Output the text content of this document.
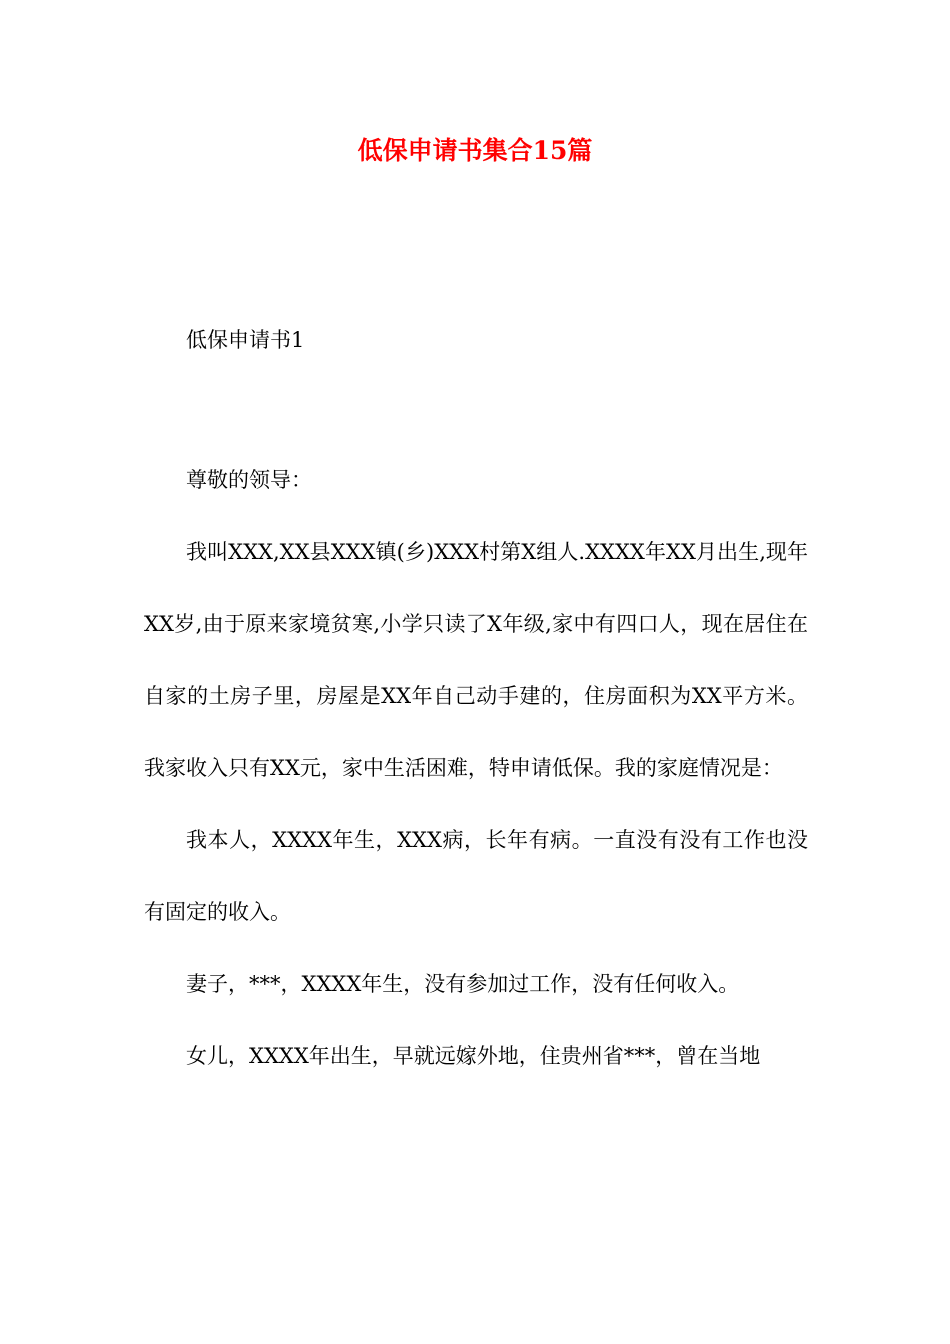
低保申请书集合15篇

低保申请书1

尊敬的领导：

我叫XXX,XX县XXX镇(乡)XXX村第X组人.XXXX年XX月出生,现年XX岁,由于原来家境贫寒,小学只读了X年级,家中有四口人，现在居住在自家的土房子里，房屋是XX年自己动手建的，住房面积为XX平方米。我家收入只有XX元，家中生活困难，特申请低保。我的家庭情况是：

我本人，XXXX年生，XXX病，长年有病。一直没有没有工作也没有固定的收入。

妻子，***，XXXX年生，没有参加过工作，没有任何收入。

女儿，XXXX年出生，早就远嫁外地，住贵州省***，曾在当地
